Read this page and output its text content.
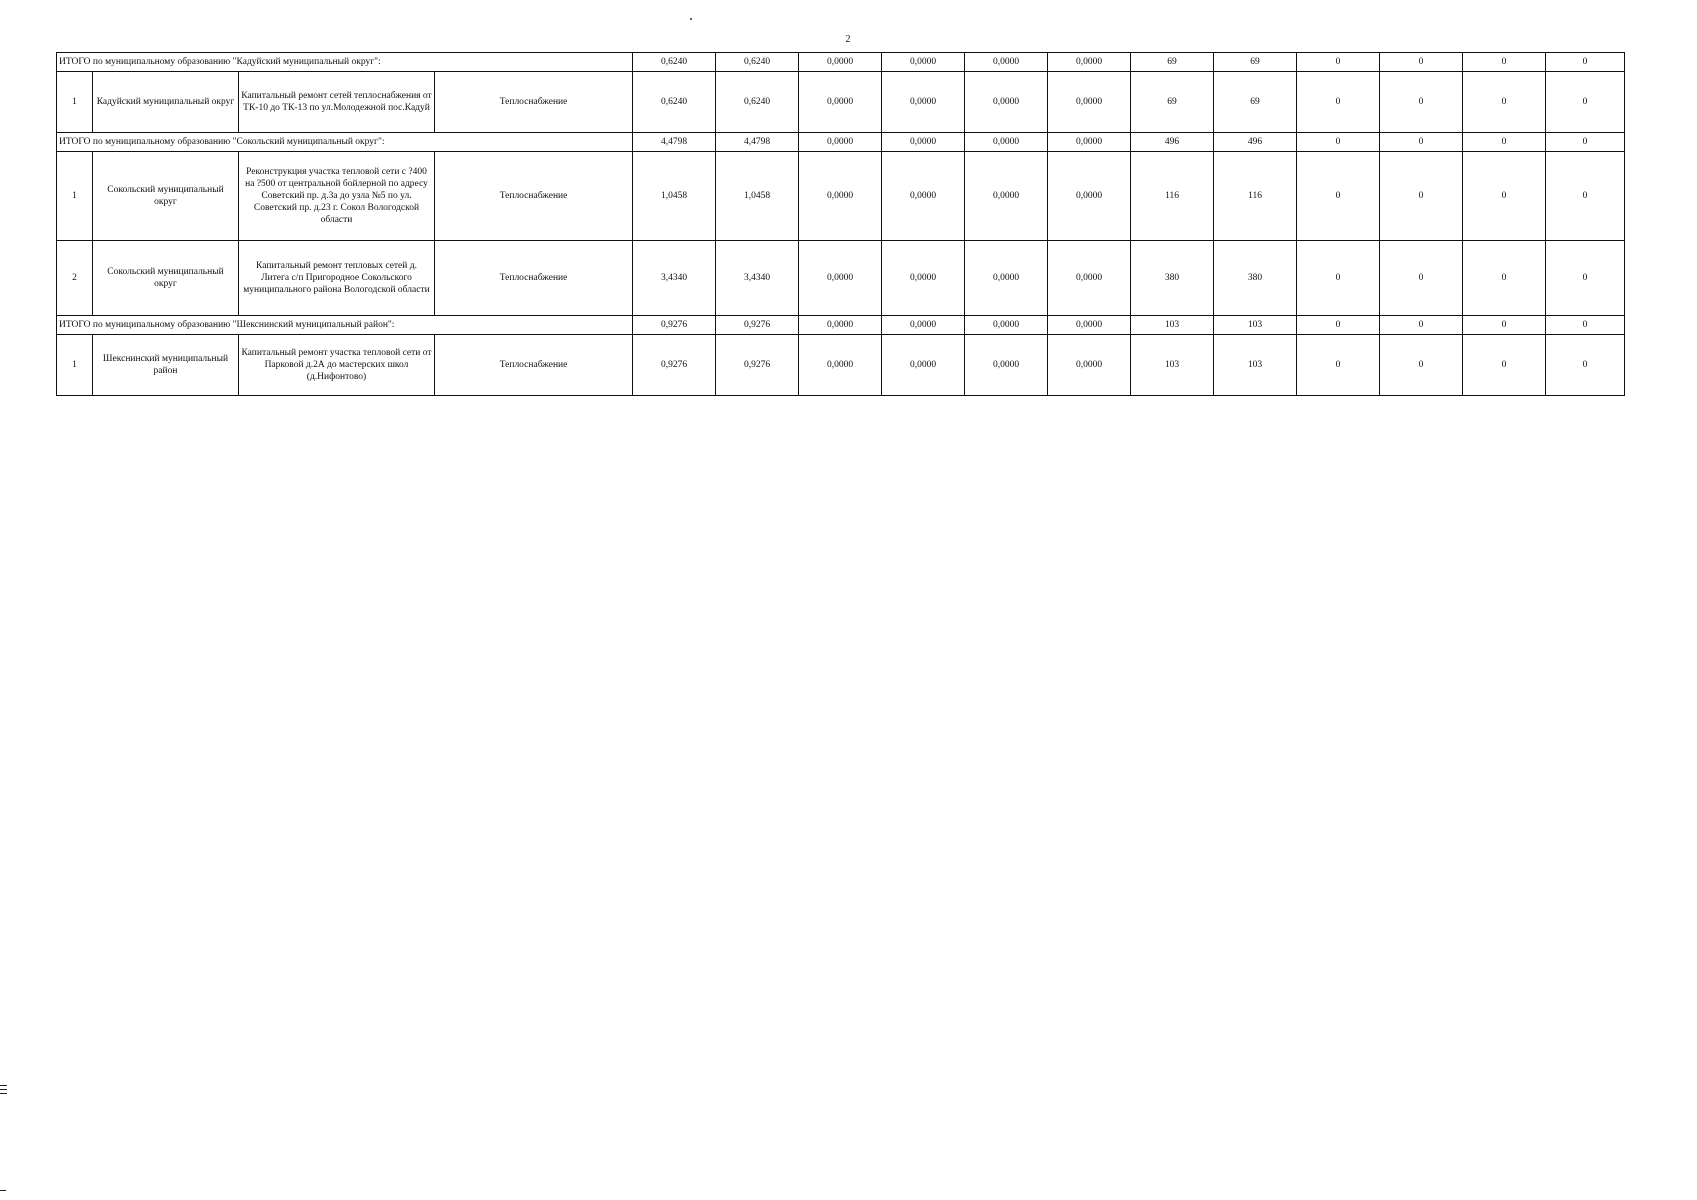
2
ИТОГО по муниципальному образованию "Кадуйский муниципальный округ":				0,6240	0,6240	0,0000	0,0000	0,0000	0,0000	69	69	0	0	0	0
1	Кадуйский муниципальный округ	Капитальный ремонт сетей теплоснабжения от ТК-10 до ТК-13 по ул.Молодежной пос.Кадуй	Теплоснабжение	0,6240	0,6240	0,0000	0,0000	0,0000	0,0000	69	69	0	0	0	0
ИТОГО по муниципальному образованию "Сокольский муниципальный округ":				4,4798	4,4798	0,0000	0,0000	0,0000	0,0000	496	496	0	0	0	0
1	Сокольский муниципальный округ	Реконструкция участка тепловой сети с ?400 на ?500 от центральной бойлерной по адресу Советский пр. д.3а до узла №5 по ул. Советский пр. д.23 г. Сокол Вологодской области	Теплоснабжение	1,0458	1,0458	0,0000	0,0000	0,0000	0,0000	116	116	0	0	0	0
2	Сокольский муниципальный округ	Капитальный ремонт тепловых сетей д. Литега с/п Пригородное Сокольского муниципального района Вологодской области	Теплоснабжение	3,4340	3,4340	0,0000	0,0000	0,0000	0,0000	380	380	0	0	0	0
ИТОГО по муниципальному образованию "Шекснинский муниципальный район":				0,9276	0,9276	0,0000	0,0000	0,0000	0,0000	103	103	0	0	0	0
1	Шекснинский муниципальный район	Капитальный ремонт участка тепловой сети от Парковой д.2А до мастерских школ (д.Нифонтово)	Теплоснабжение	0,9276	0,9276	0,0000	0,0000	0,0000	0,0000	103	103	0	0	0	0
